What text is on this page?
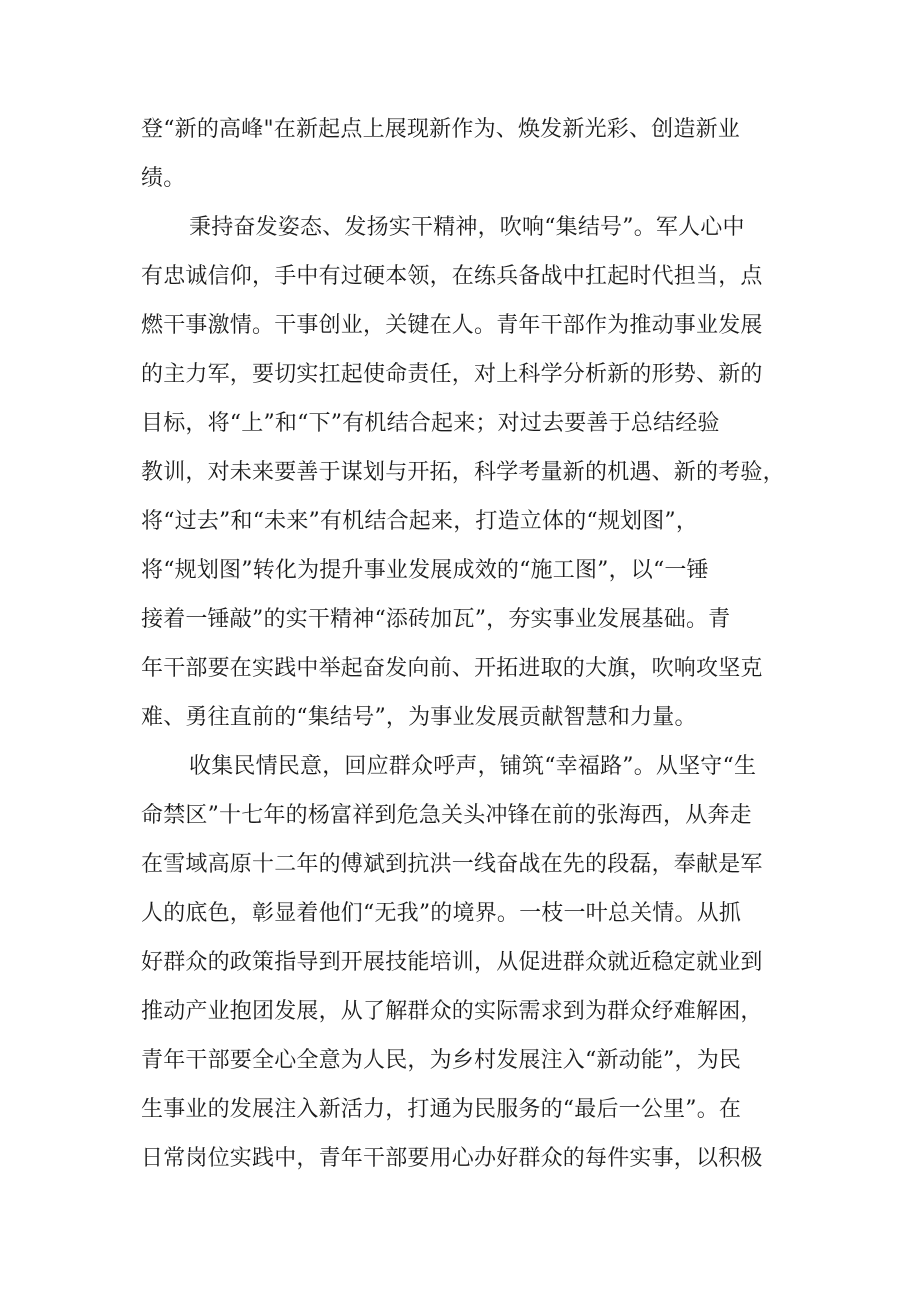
登“新的高峰"在新起点上展现新作为、焕发新光彩、创造新业
绩。
秉持奋发姿态、发扬实干精神，吹响“集结号”。军人心中
有忠诚信仰，手中有过硬本领，在练兵备战中扛起时代担当，点
燃干事激情。干事创业，关键在人。青年干部作为推动事业发展
的主力军，要切实扛起使命责任，对上科学分析新的形势、新的
目标，将“上”和“下”有机结合起来；对过去要善于总结经验
教训，对未来要善于谋划与开拓，科学考量新的机遇、新的考验，
将“过去”和“未来”有机结合起来，打造立体的“规划图”，
将“规划图”转化为提升事业发展成效的“施工图”，以“一锤
接着一锤敲”的实干精神“添砖加瓦”，夯实事业发展基础。青
年干部要在实践中举起奋发向前、开拓进取的大旗，吹响攻坚克
难、勇往直前的“集结号”，为事业发展贡献智慧和力量。
收集民情民意，回应群众呼声，铺筑“幸福路”。从坚守“生
命禁区”十七年的杨富祥到危急关头冲锋在前的张海西，从奔走
在雪域高原十二年的傅斌到抗洪一线奋战在先的段磊，奉献是军
人的底色，彰显着他们“无我”的境界。一枝一叶总关情。从抓
好群众的政策指导到开展技能培训，从促进群众就近稳定就业到
推动产业抱团发展，从了解群众的实际需求到为群众纾难解困，
青年干部要全心全意为人民，为乡村发展注入“新动能”，为民
生事业的发展注入新活力，打通为民服务的“最后一公里”。在
日常岗位实践中，青年干部要用心办好群众的每件实事，以积极
